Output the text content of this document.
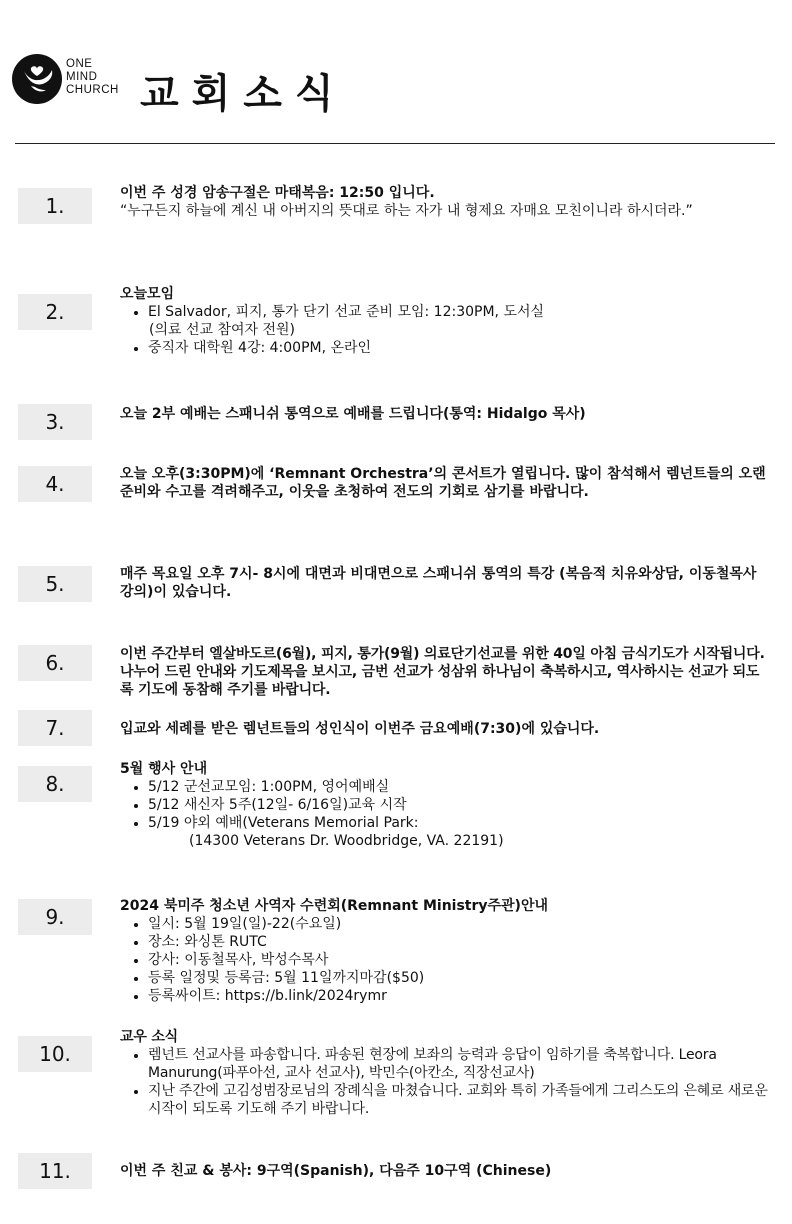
ONE
MIND
CHURCH 교회소식
1.
이번 주 성경 암송구절은 마태복음: 12:50 입니다.
“누구든지 하늘에 계신 내 아버지의 뜻대로 하는 자가 내 형제요 자매요 모친이니라 하시더라.”
2.
오늘모임
• El Salvador, 피지, 통가 단기 선교 준비 모임: 12:30PM, 도서실
(의료 선교 참여자 전원)
• 중직자 대학원 4강: 4:00PM, 온라인
3.	오늘 2부 예배는 스패니쉬 통역으로 예배를 드립니다(통역: Hidalgo 목사)
4.	오늘 오후(3:30PM)에 ‘Remnant Orchestra’의 콘서트가 열립니다. 많이 참석해서 렘넌트들의 오랜 준비와 수고를 격려해주고, 이웃을 초청하여 전도의 기회로 삼기를 바랍니다.
5.	매주 목요일 오후 7시- 8시에 대면과 비대면으로 스패니쉬 통역의 특강 (복음적 치유와상담, 이동철목사 강의)이 있습니다.
6.	이번 주간부터 엘살바도르(6월), 피지, 통가(9월) 의료단기선교를 위한 40일 아침 금식기도가 시작됩니다. 나누어 드린 안내와 기도제목을 보시고, 금번 선교가 성삼위 하나님이 축복하시고, 역사하시는 선교가 되도록 기도에 동참해 주기를 바랍니다.
7.	입교와 세례를 받은 렘넌트들의 성인식이 이번주 금요예배(7:30)에 있습니다.
8.
5월 행사 안내
• 5/12 군선교모임: 1:00PM, 영어예배실
• 5/12 새신자 5주(12일- 6/16일)교육 시작
• 5/19 야외 예배(Veterans Memorial Park:
(14300 Veterans Dr. Woodbridge, VA. 22191)
9.	2024 북미주 청소년 사역자 수련회(Remnant Ministry주관)안내
• 일시: 5월 19일(일)-22(수요일)
• 장소: 와싱톤 RUTC
• 강사: 이동철목사, 박성수목사
• 등록 일정및 등록금: 5월 11일까지마감($50)
• 등록싸이트: https://b.link/2024rymr
10.
교우 소식
• 렘넌트 선교사를 파송합니다. 파송된 현장에 보좌의 능력과 응답이 임하기를 축복합니다. Leora Manurung(파푸아선, 교사 선교사), 박민수(아칸소, 직장선교사)
• 지난 주간에 고김성범장로님의 장례식을 마쳤습니다. 교회와 특히 가족들에게 그리스도의 은혜로 새로운 시작이 되도록 기도해 주기 바랍니다.
11.	이번 주 친교 & 봉사: 9구역(Spanish), 다음주 10구역 (Chinese)
